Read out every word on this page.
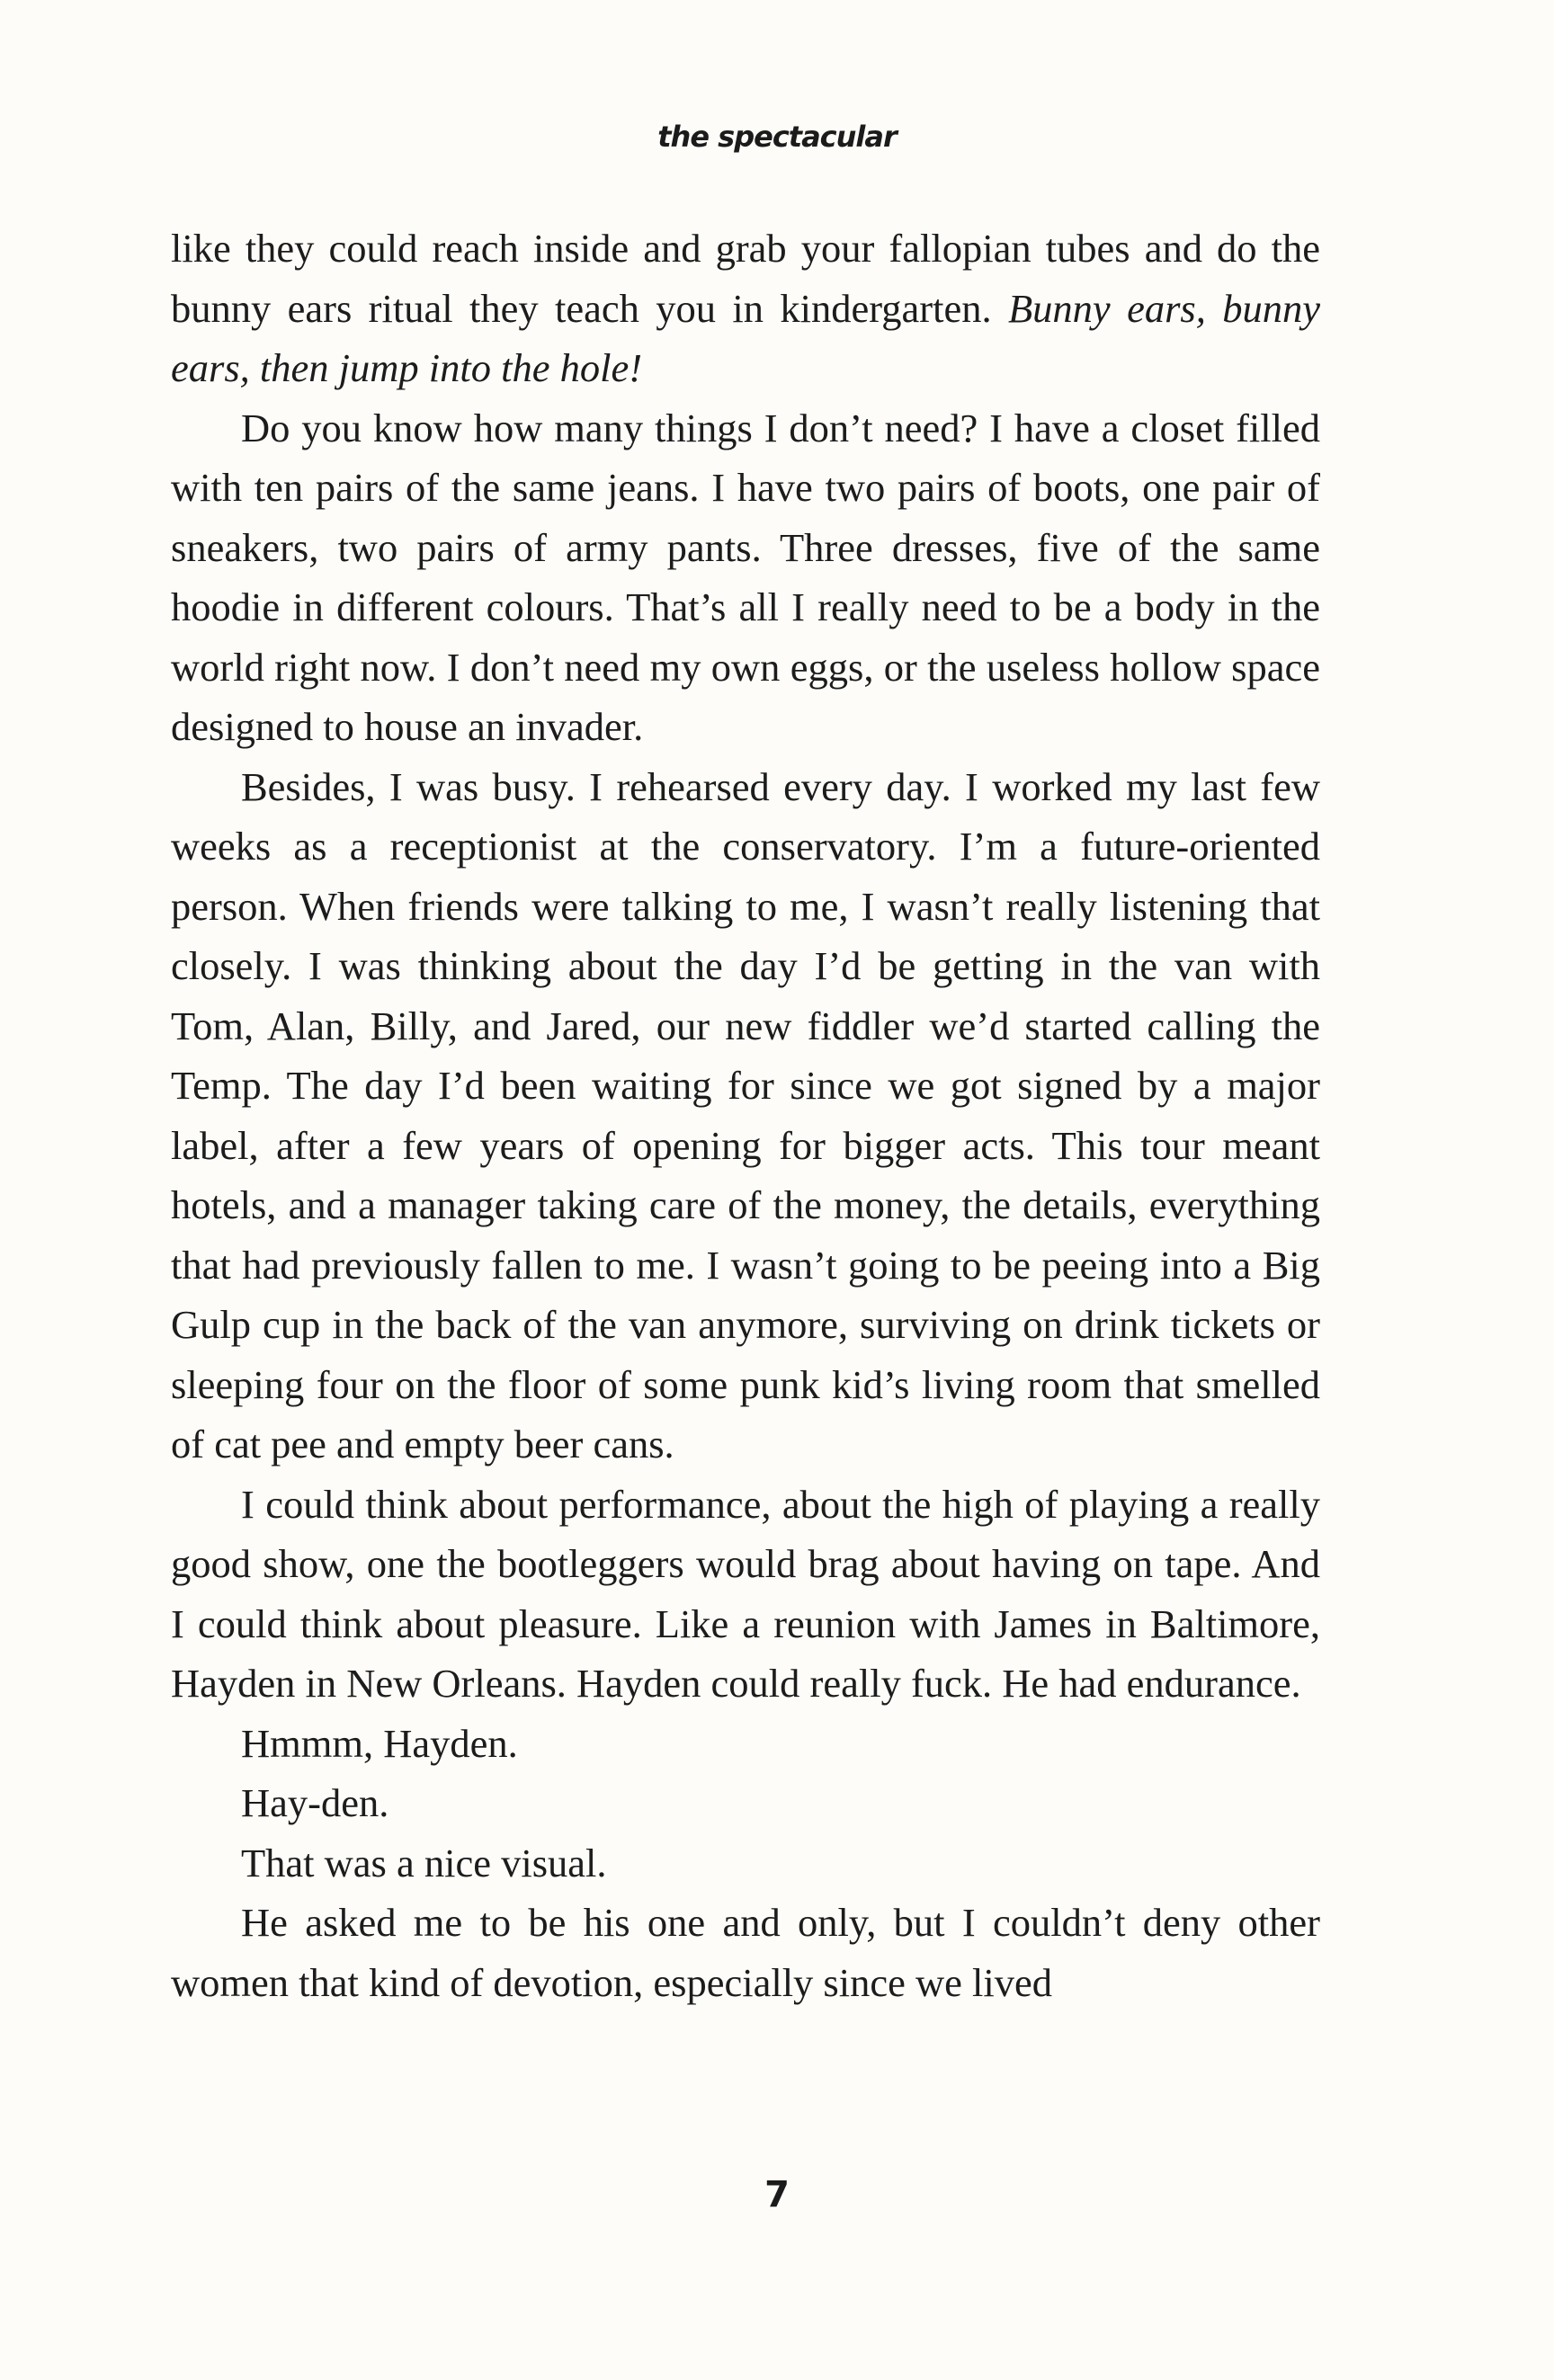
the spectacular

like they could reach inside and grab your fallopian tubes and do the bunny ears ritual they teach you in kindergarten. Bunny ears, bunny ears, then jump into the hole!

Do you know how many things I don’t need? I have a closet filled with ten pairs of the same jeans. I have two pairs of boots, one pair of sneakers, two pairs of army pants. Three dresses, five of the same hoodie in different colours. That’s all I really need to be a body in the world right now. I don’t need my own eggs, or the useless hollow space designed to house an invader.

Besides, I was busy. I rehearsed every day. I worked my last few weeks as a receptionist at the conservatory. I’m a future-oriented person. When friends were talking to me, I wasn’t really listening that closely. I was thinking about the day I’d be getting in the van with Tom, Alan, Billy, and Jared, our new fiddler we’d started calling the Temp. The day I’d been waiting for since we got signed by a major label, after a few years of opening for bigger acts. This tour meant hotels, and a manager taking care of the money, the details, everything that had previously fallen to me. I wasn’t going to be peeing into a Big Gulp cup in the back of the van anymore, surviving on drink tickets or sleeping four on the floor of some punk kid’s living room that smelled of cat pee and empty beer cans.

I could think about performance, about the high of playing a really good show, one the bootleggers would brag about having on tape. And I could think about pleasure. Like a reunion with James in Baltimore, Hayden in New Orleans. Hayden could really fuck. He had endurance.

Hmmm, Hayden.

Hay-den.

That was a nice visual.

He asked me to be his one and only, but I couldn’t deny other women that kind of devotion, especially since we lived

7
